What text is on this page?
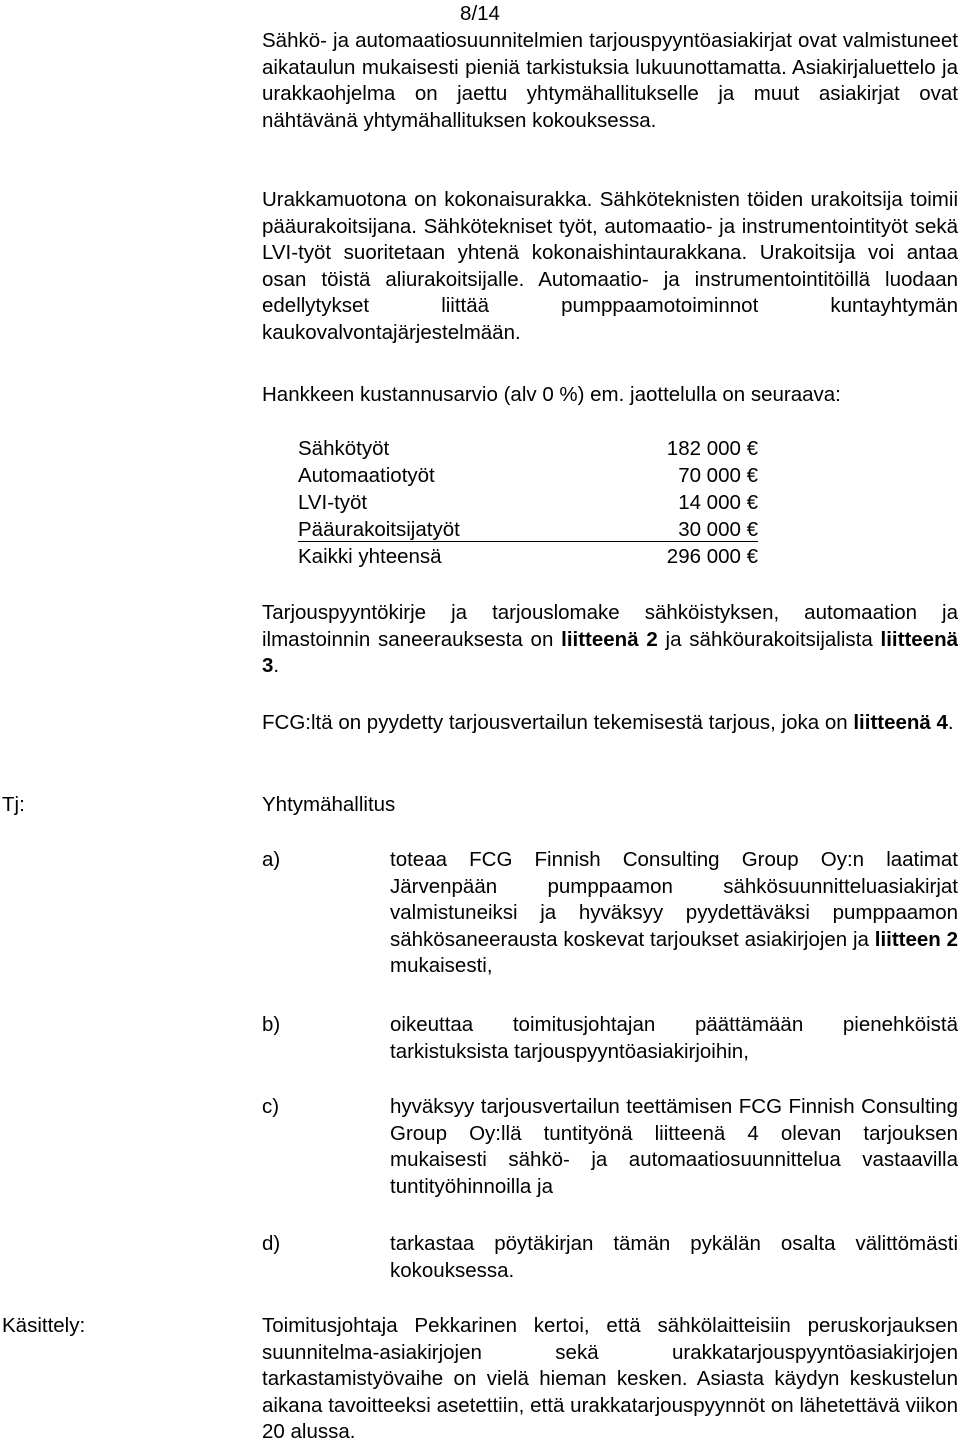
8/14

Sähkö- ja automaatiosuunnitelmien tarjouspyyntöasiakirjat ovat valmistuneet aikataulun mukaisesti pieniä tarkistuksia lukuunottamatta. Asiakirjaluettelo ja urakkaohjelma on jaettu yhtymähallitukselle ja muut asiakirjat ovat nähtävänä yhtymähallituksen kokouksessa.

Urakkamuotona on kokonaisurakka. Sähköteknisten töiden urakoitsija toimii pääurakoitsijana. Sähkötekniset työt, automaatio- ja instrumentointityöt sekä LVI-työt suoritetaan yhtenä kokonaishintaurakkana. Urakoitsija voi antaa osan töistä aliurakoitsijalle. Automaatio- ja instrumentointitöillä luodaan edellytykset liittää pumppaamotoiminnot kuntayhtymän kaukovalvontajärjestelmään.

Hankkeen kustannusarvio (alv 0 %) em. jaottelulla on seuraava:

Sähkötyöt	182 000 €
Automaatiotyöt	70 000 €
LVI-työt	14 000 €
Pääurakoitsijatyöt	30 000 €
Kaikki yhteensä	296 000 €

Tarjouspyyntökirje ja tarjouslomake sähköistyksen, automaation ja ilmastoinnin saneerauksesta on liitteenä 2 ja sähköurakoitsijalista liitteenä 3.

FCG:ltä on pyydetty tarjousvertailun tekemisestä tarjous, joka on liitteenä 4.

Tj:	Yhtymähallitus
a)	toteaa FCG Finnish Consulting Group Oy:n laatimat Järvenpään pumppaamon sähkösuunnitteluasiakirjat valmistuneiksi ja hyväksyy pyydettäväksi pumppaamon sähkösaneerausta koskevat tarjoukset asiakirjojen ja liitteen 2 mukaisesti,

b)	oikeuttaa toimitusjohtajan päättämään pienehköistä tarkistuksista tarjouspyyntöasiakirjoihin,

c)	hyväksyy tarjousvertailun teettämisen FCG Finnish Consulting Group Oy:llä tuntityönä liitteenä 4 olevan tarjouksen mukaisesti sähkö- ja automaatiosuunnittelua vastaavilla tuntityöhinnoilla ja

d)	tarkastaa pöytäkirjan tämän pykälän osalta välittömästi kokouksessa.

Käsittely:	Toimitusjohtaja Pekkarinen kertoi, että sähkölaitteisiin peruskorjauksen suunnitelma-asiakirjojen sekä urakkatarjouspyyntöasiakirjojen tarkastamistyövaihe on vielä hieman kesken. Asiasta käydyn keskustelun aikana tavoitteeksi asetettiin, että urakkatarjouspyynnöt on lähetettävä viikon 20 alussa.
